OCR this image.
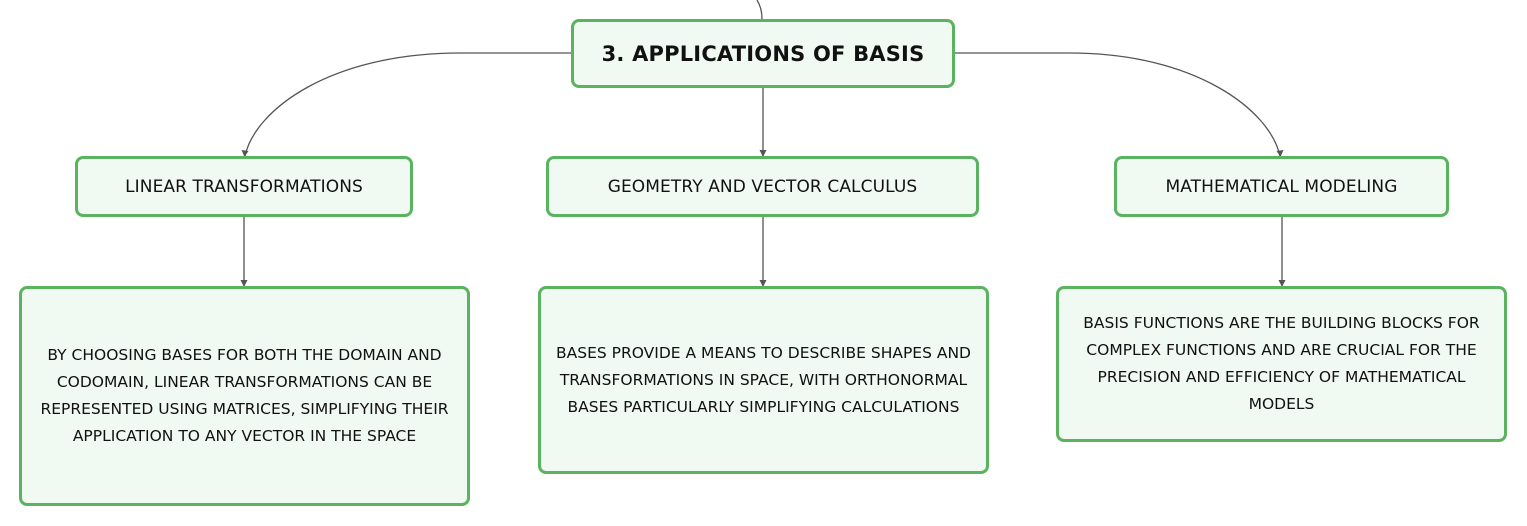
3. APPLICATIONS OF BASIS
LINEAR TRANSFORMATIONS	GEOMETRY AND VECTOR CALCULUS	MATHEMATICAL MODELING
BY CHOOSING BASES FOR BOTH THE DOMAIN AND CODOMAIN, LINEAR TRANSFORMATIONS CAN BE REPRESENTED USING MATRICES, SIMPLIFYING THEIR APPLICATION TO ANY VECTOR IN THE SPACE
BASES PROVIDE A MEANS TO DESCRIBE SHAPES AND TRANSFORMATIONS IN SPACE, WITH ORTHONORMAL BASES PARTICULARLY SIMPLIFYING CALCULATIONS
BASIS FUNCTIONS ARE THE BUILDING BLOCKS FOR COMPLEX FUNCTIONS AND ARE CRUCIAL FOR THE PRECISION AND EFFICIENCY OF MATHEMATICAL MODELS
